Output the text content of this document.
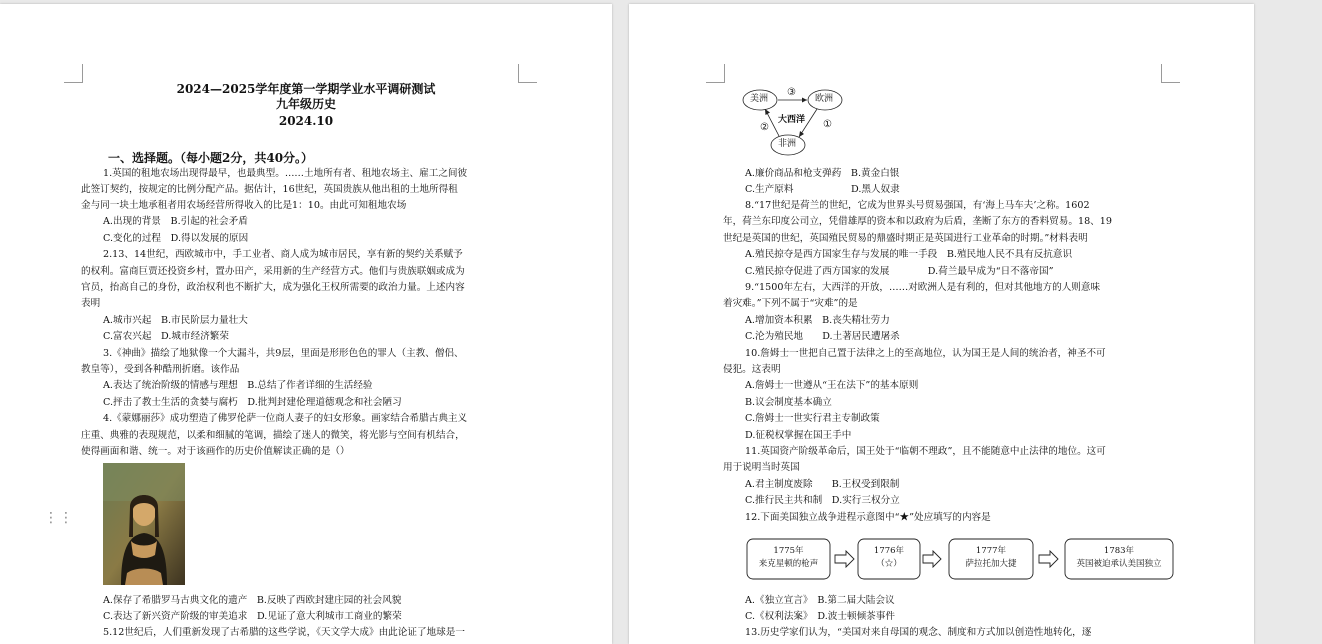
2024—2025学年度第一学期学业水平调研测试
九年级历史
2024.10
一、选择题。（每小题2分，共40分。）
1.英国的租地农场出现得最早，也最典型。……土地所有者、租地农场主、雇工之间彼
此签订契约，按规定的比例分配产品。据估计，16世纪，英国贵族从他出租的土地所得租
金与同一块土地承租者用农场经营所得收入的比是1：10。由此可知租地农场
A.出现的背景　B.引起的社会矛盾
C.变化的过程　D.得以发展的原因
2.13、14世纪，西欧城市中，手工业者、商人成为城市居民，享有新的契约关系赋予
的权利。富商巨贾还投资乡村，置办田产，采用新的生产经营方式。他们与贵族联姻或成为
官员，抬高自己的身份，政治权利也不断扩大，成为强化王权所需要的政治力量。上述内容
表明
A.城市兴起　B.市民阶层力量壮大
C.富农兴起　D.城市经济繁荣
3.《神曲》描绘了地狱像一个大漏斗，共9层，里面是形形色色的罪人（主教、僧侣、
教皇等），受到各种酷刑折磨。该作品
A.表达了统治阶级的情感与理想　B.总结了作者详细的生活经验
C.抨击了教士生活的贪婪与腐朽　D.批判封建伦理道德观念和社会陋习
4.《蒙娜丽莎》成功塑造了佛罗伦萨一位商人妻子的妇女形象。画家结合希腊古典主义
庄重、典雅的表现规范，以柔和细腻的笔调，描绘了迷人的微笑，将光影与空间有机结合，
使得画面和谐、统一。对于该画作的历史价值解读正确的是（）
A.保存了希腊罗马古典文化的遗产　B.反映了西欧封建庄园的社会风貌
C.表达了新兴资产阶级的审美追求　D.见证了意大利城市工商业的繁荣
5.12世纪后，人们重新发现了古希腊的这些学说，《天文学大成》由此论证了地球是一
⋮⋮
美洲	欧洲
非洲
大西洋 ①
②
③
A.廉价商品和枪支弹药　B.黄金白银
C.生产原料　　　　　　D.黑人奴隶
8.“17世纪是荷兰的世纪，它成为世界头号贸易强国，有‘海上马车夫’之称。1602
年，荷兰东印度公司立，凭借雄厚的资本和以政府为后盾，垄断了东方的香料贸易。18、19
世纪是英国的世纪，英国殖民贸易的鼎盛时期正是英国进行工业革命的时期。”材料表明
A.殖民掠夺是西方国家生存与发展的唯一手段　B.殖民地人民不具有反抗意识
C.殖民掠夺促进了西方国家的发展　　　　D.荷兰最早成为“日不落帝国”
9.“1500年左右，大西洋的开放，……对欧洲人是有利的，但对其他地方的人则意味
着灾难。”下列不属于“灾难”的是
A.增加资本积累　B.丧失精壮劳力
C.沦为殖民地　　D.土著居民遭屠杀
10.詹姆士一世把自己置于法律之上的至高地位，认为国王是人间的统治者，神圣不可
侵犯。这表明
A.詹姆士一世遵从“王在法下”的基本原则
B.议会制度基本确立
C.詹姆士一世实行君主专制政策
D.征税权掌握在国王手中
11.英国资产阶级革命后，国王处于“临朝不理政”，且不能随意中止法律的地位。这可
用于说明当时英国
A.君主制度废除　　B.王权受到限制
C.推行民主共和制　D.实行三权分立
12.下面美国独立战争进程示意图中“★”处应填写的内容是
1775年
来克星顿的枪声
1776年
（☆）
1777年
萨拉托加大捷
1783年
英国被迫承认美国独立
A.《独立宣言》　B.第二届大陆会议
C.《权利法案》　D.波士顿倾茶事件
13.历史学家们认为，“美国对来自母国的观念、制度和方式加以创造性地转化，逐
